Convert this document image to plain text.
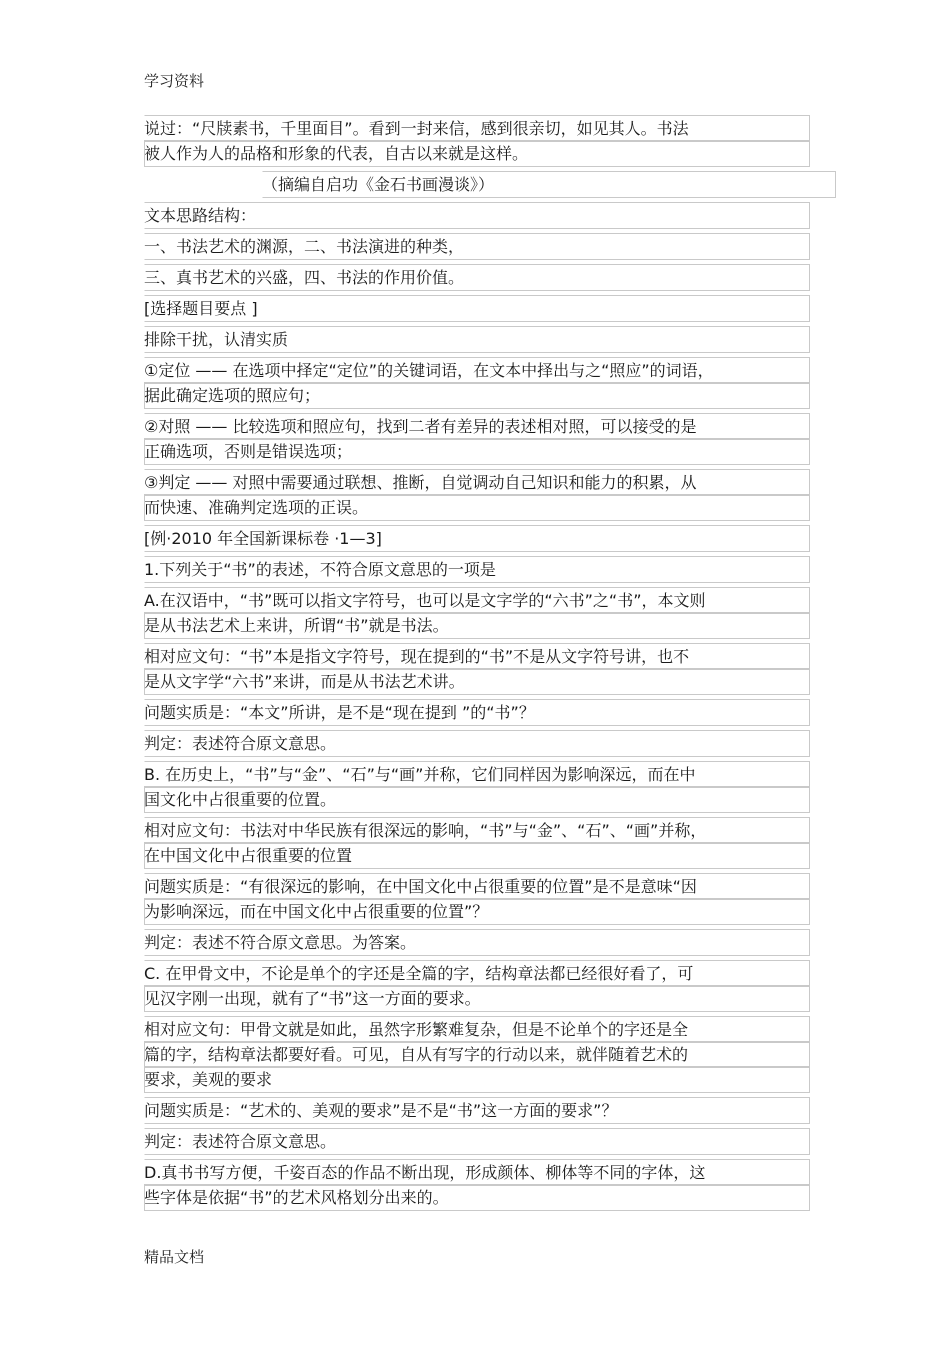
学习资料
说过：“尺牍素书，千里面目”。看到一封来信，感到很亲切，如见其人。书法
被人作为人的品格和形象的代表，自古以来就是这样。
（摘编自启功《金石书画漫谈》）
文本思路结构：
一、书法艺术的渊源，二、书法演进的种类，
三、真书艺术的兴盛，四、书法的作用价值。
[选择题目要点 ]
排除干扰，认清实质
①定位 —— 在选项中择定“定位”的关键词语，在文本中择出与之“照应”的词语，
据此确定选项的照应句；
②对照 —— 比较选项和照应句，找到二者有差异的表述相对照，可以接受的是
正确选项，否则是错误选项；
③判定 —— 对照中需要通过联想、推断，自觉调动自己知识和能力的积累，从
而快速、准确判定选项的正误。
[例·2010 年全国新课标卷 ·1—3]
1.下列关于“书”的表述，不符合原文意思的一项是
A.在汉语中，“书”既可以指文字符号，也可以是文字学的“六书”之“书”，本文则
是从书法艺术上来讲，所谓“书”就是书法。
相对应文句：“书”本是指文字符号，现在提到的“书”不是从文字符号讲，也不
是从文字学“六书”来讲，而是从书法艺术讲。
问题实质是：“本文”所讲，是不是“现在提到 ”的“书”？
判定：表述符合原文意思。
B. 在历史上，“书”与“金”、“石”与“画”并称，它们同样因为影响深远，而在中
国文化中占很重要的位置。
相对应文句：书法对中华民族有很深远的影响，“书”与“金”、“石”、“画”并称，
在中国文化中占很重要的位置
问题实质是：“有很深远的影响，在中国文化中占很重要的位置”是不是意味“因
为影响深远，而在中国文化中占很重要的位置”？
判定：表述不符合原文意思。为答案。
C. 在甲骨文中，不论是单个的字还是全篇的字，结构章法都已经很好看了，可
见汉字刚一出现，就有了“书”这一方面的要求。
相对应文句：甲骨文就是如此，虽然字形繁难复杂，但是不论单个的字还是全
篇的字，结构章法都要好看。可见，自从有写字的行动以来，就伴随着艺术的
要求，美观的要求
问题实质是：“艺术的、美观的要求”是不是“书”这一方面的要求”？
判定：表述符合原文意思。
D.真书书写方便，千姿百态的作品不断出现，形成颜体、柳体等不同的字体，这
些字体是依据“书”的艺术风格划分出来的。
精品文档
